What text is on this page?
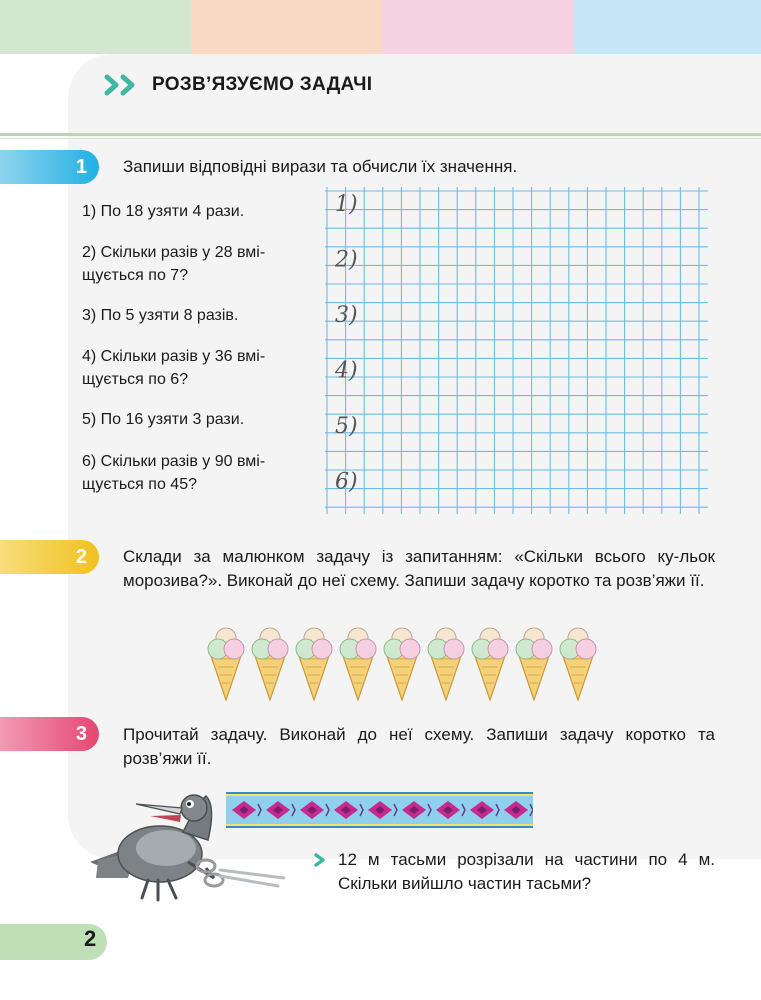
РОЗВ’ЯЗУЄМО ЗАДАЧІ
1 Запиши відповідні вирази та обчисли їх значення.
1) По 18 узяти 4 рази.
2) Скільки разів у 28 вмі-
щується по 7?
3) По 5 узяти 8 разів.
4) Скільки разів у 36 вмі-
щується по 6?
5) По 16 узяти 3 рази.
6) Скільки разів у 90 вмі-
щується по 45?
1)
2)
3)
4)
5)
6)
2 Склади за малюнком задачу із запитанням: «Скільки всього ку-льок морозива?». Виконай до неї схему. Запиши задачу коротко та розв’яжи її.
3 Прочитай задачу. Виконай до неї схему. Запиши задачу коротко та розв’яжи її.
12 м тасьми розрізали на частини по 4 м. Скільки вийшло частин тасьми?
2
